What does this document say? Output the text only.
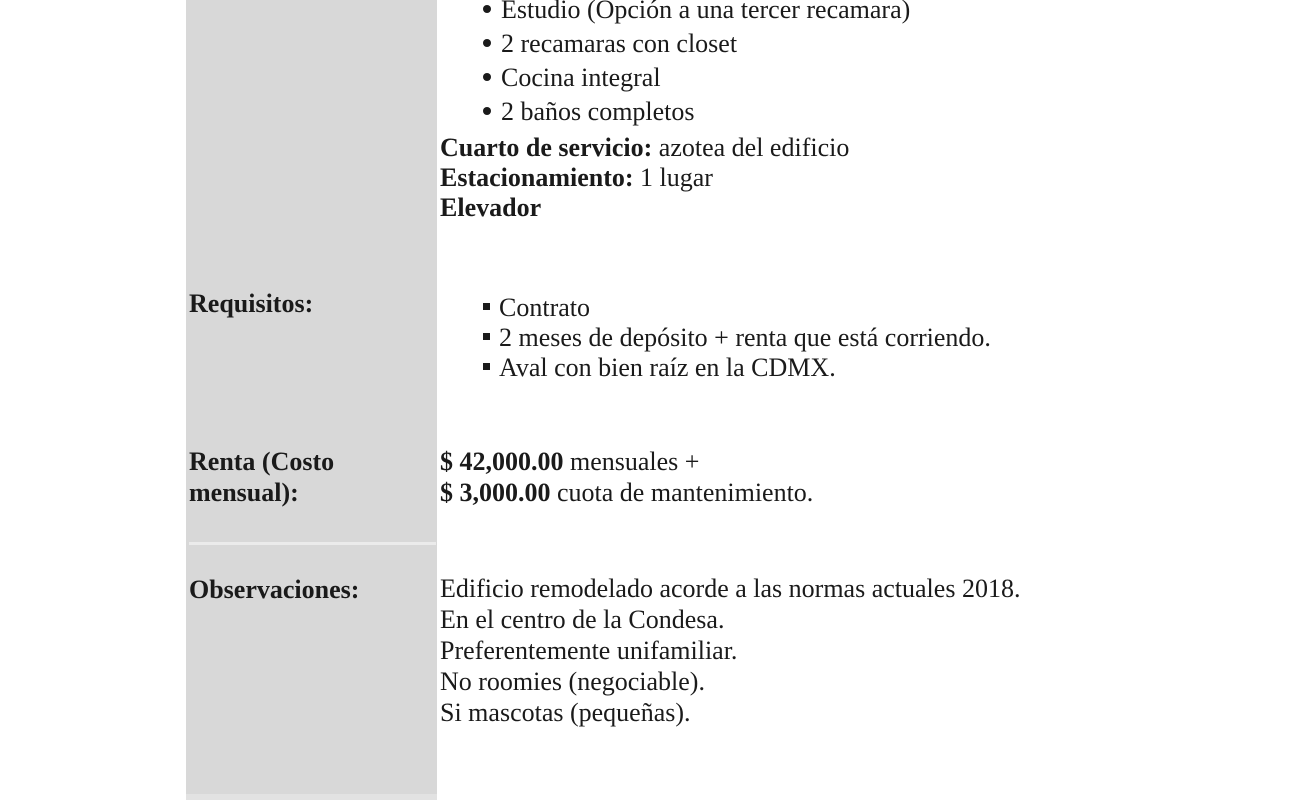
Estudio (Opción a una tercer recamara)
2 recamaras con closet
Cocina integral
2 baños completos
Cuarto de servicio: azotea del edificio
Estacionamiento: 1 lugar
Elevador
Requisitos:	Contrato
2 meses de depósito + renta que está corriendo.
Aval con bien raíz en la CDMX.
Renta (Costo
mensual):
$ 42,000.00 mensuales +
$ 3,000.00 cuota de mantenimiento.
Observaciones:	Edificio remodelado acorde a las normas actuales 2018.
En el centro de la Condesa.
Preferentemente unifamiliar.
No roomies (negociable).
Si mascotas (pequeñas).
